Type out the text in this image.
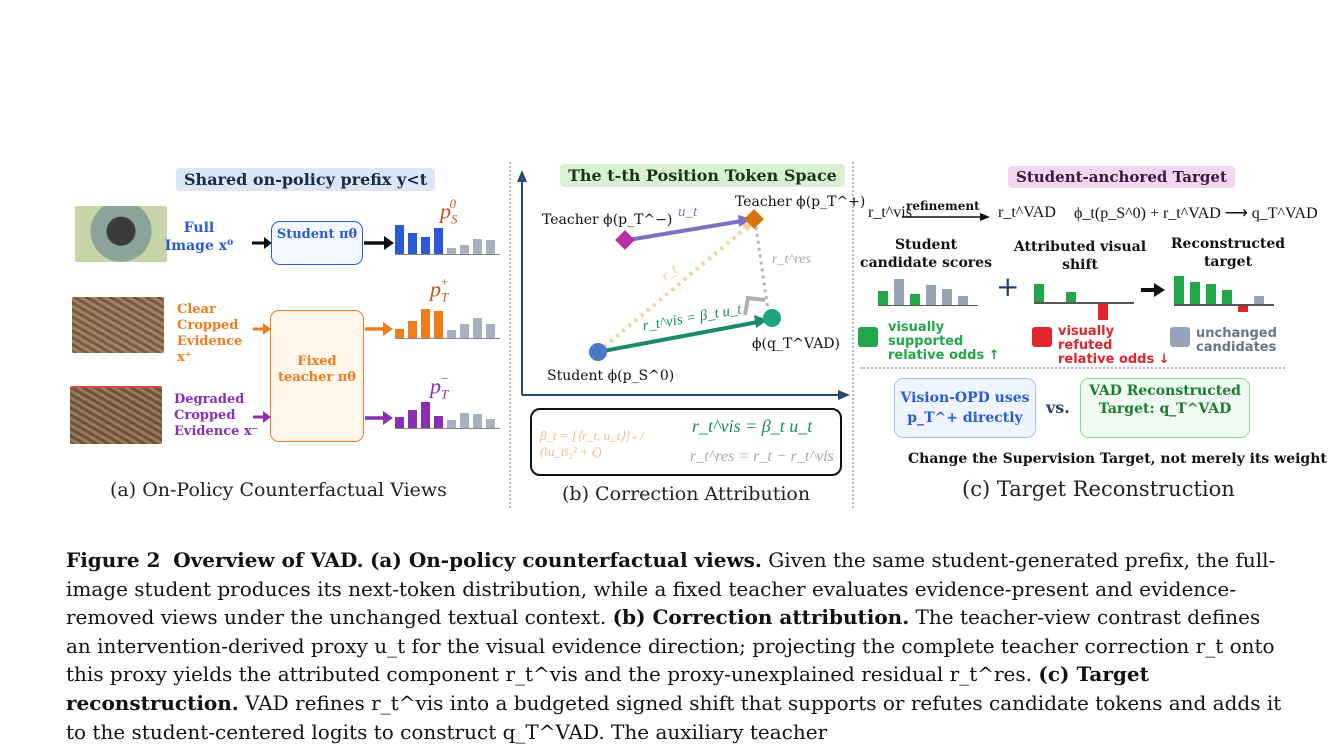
Shared on-policy prefix y<t
Full Image x⁰
Student πθ
$p_S^0$
Clear Cropped Evidence x⁺	Fixed teacher πθ
$p_T^+$
Degraded Cropped Evidence x⁻
$p_T^-$
(a) On-Policy Counterfactual Views
The t-th Position Token Space
Teacher ϕ(p_T^−)
Teacher ϕ(p_T^+)
u_t
r_t
r_t^res
r_t^vis = β_t u_t
ϕ(q_T^VAD)
Student ϕ(p_S^0)
β_t = [⟨r_t, u_t⟩]₊ / (‖u_t‖₂² + ζ)
r_t^vis = β_t u_t
r_t^res = r_t − r_t^vis
(b) Correction Attribution
Student-anchored Target
r_t^vis
refinement r_t^VAD ϕ_t(p_S^0) + r_t^VAD ⟶ q_T^VAD
Student candidate scores
Attributed visual shift
Reconstructed target
+
visually supported relative odds ↑
visually refuted relative odds ↓
unchanged candidates
Vision-OPD uses p_T^+ directly
vs.
VAD Reconstructed Target: q_T^VAD
Change the Supervision Target, not merely its weight
(c) Target Reconstruction
Figure 2 Overview of VAD. (a) On-policy counterfactual views. Given the same student-generated prefix, the full-image student produces its next-token distribution, while a fixed teacher evaluates evidence-present and evidence-removed views under the unchanged textual context. (b) Correction attribution. The teacher-view contrast defines an intervention-derived proxy u_t for the visual evidence direction; projecting the complete teacher correction r_t onto this proxy yields the attributed component r_t^vis and the proxy-unexplained residual r_t^res. (c) Target reconstruction. VAD refines r_t^vis into a budgeted signed shift that supports or refutes candidate tokens and adds it to the student-centered logits to construct q_T^VAD. The auxiliary teacher
